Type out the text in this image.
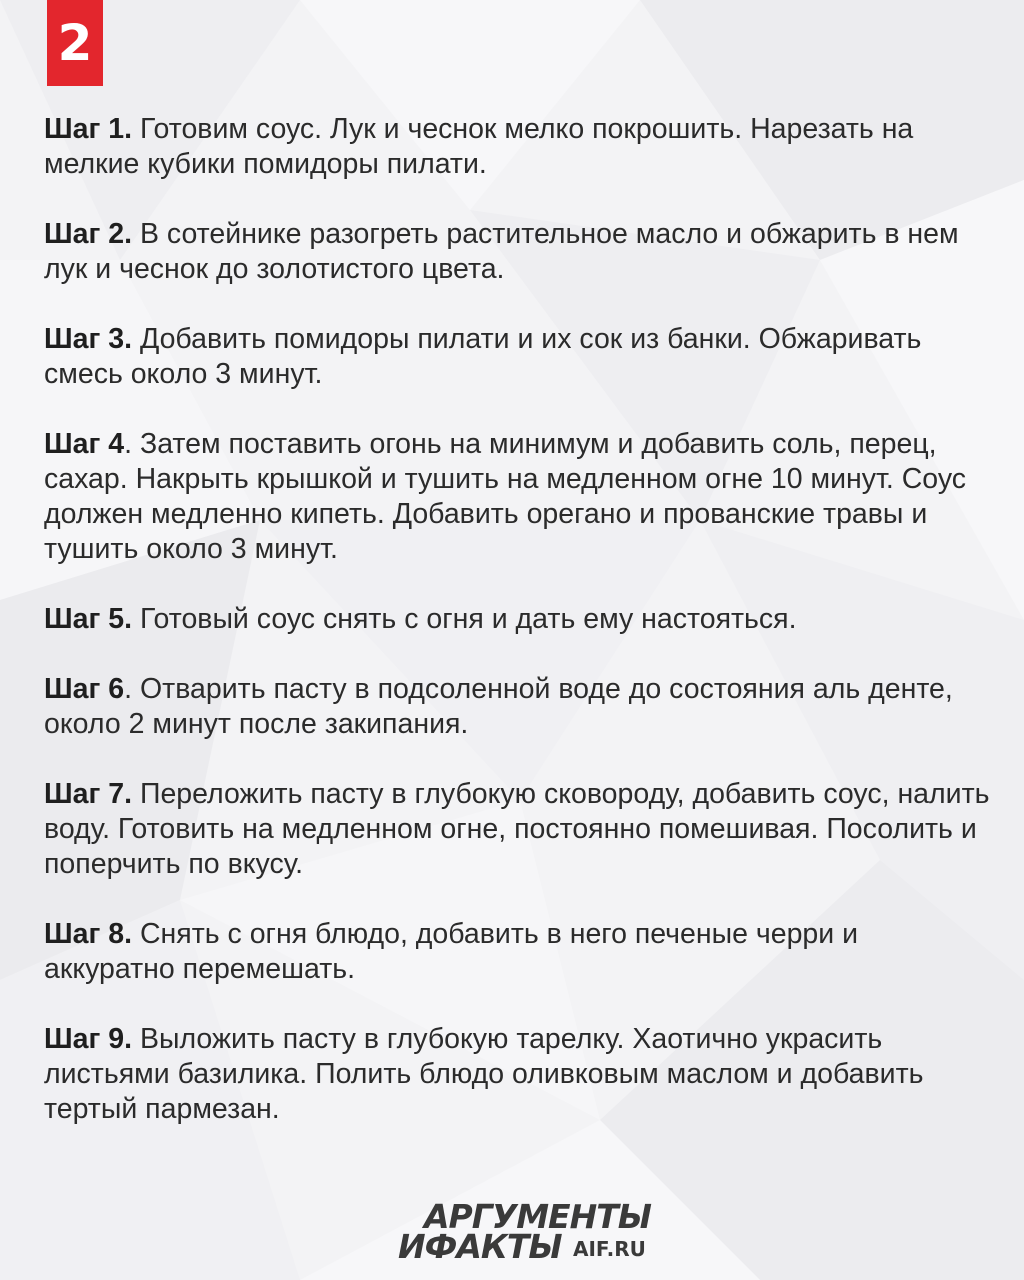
2

Шаг 1. Готовим соус. Лук и чеснок мелко покрошить. Нарезать на мелкие кубики помидоры пилати.

Шаг 2. В сотейнике разогреть растительное масло и обжарить в нем лук и чеснок до золотистого цвета.

Шаг 3. Добавить помидоры пилати и их сок из банки. Обжаривать смесь около 3 минут.

Шаг 4. Затем поставить огонь на минимум и добавить соль, перец, сахар. Накрыть крышкой и тушить на медленном огне 10 минут. Соус должен медленно кипеть. Добавить орегано и прованские травы и тушить около 3 минут.

Шаг 5. Готовый соус снять с огня и дать ему настояться.

Шаг 6. Отварить пасту в подсоленной воде до состояния аль денте, около 2 минут после закипания.

Шаг 7. Переложить пасту в глубокую сковороду, добавить соус, налить воду. Готовить на медленном огне, постоянно помешивая. Посолить и поперчить по вкусу.

Шаг 8. Снять с огня блюдо, добавить в него печеные черри и аккуратно перемешать.

Шаг 9. Выложить пасту в глубокую тарелку. Хаотично украсить листьями базилика. Полить блюдо оливковым маслом и добавить тертый пармезан.

АРГУМЕНТЫ
ИФАКТЫ AIF.RU
